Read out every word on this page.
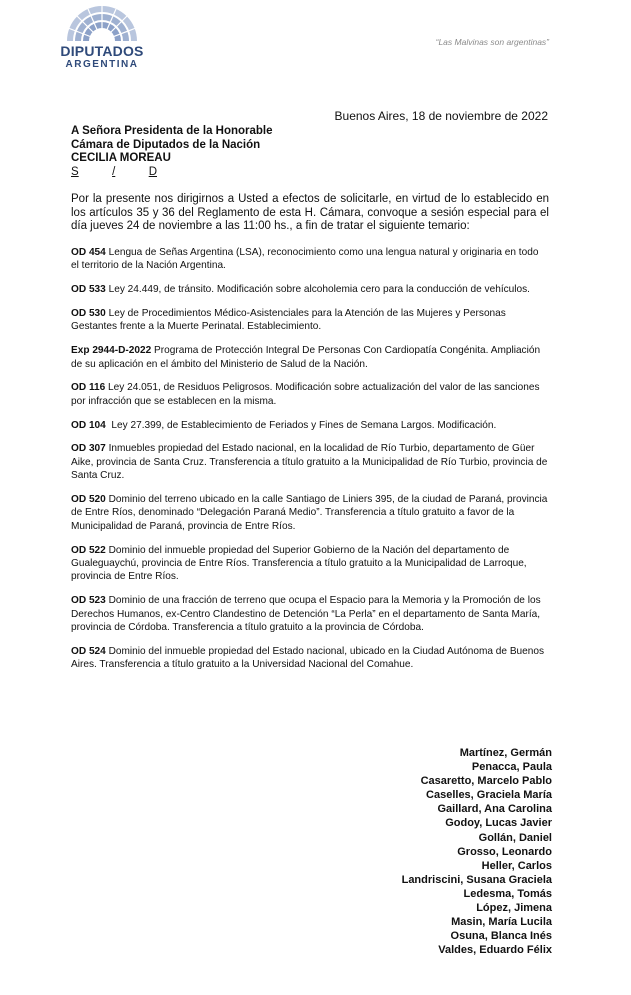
DIPUTADOS
ARGENTINA
“Las Malvinas son argentinas”
Buenos Aires, 18 de noviembre de 2022
A Señora Presidenta de la Honorable
Cámara de Diputados de la Nación
CECILIA MOREAU
S	/	D
Por la presente nos dirigirnos a Usted a efectos de solicitarle, en virtud de lo establecido en los artículos 35 y 36 del Reglamento de esta H. Cámara, convoque a sesión especial para el día jueves 24 de noviembre a las 11:00 hs., a fin de tratar el siguiente temario:
OD 454 Lengua de Señas Argentina (LSA), reconocimiento como una lengua natural y originaria en todo el territorio de la Nación Argentina.
OD 533 Ley 24.449, de tránsito. Modificación sobre alcoholemia cero para la conducción de vehículos.
OD 530 Ley de Procedimientos Médico-Asistenciales para la Atención de las Mujeres y Personas Gestantes frente a la Muerte Perinatal. Establecimiento.
Exp 2944-D-2022 Programa de Protección Integral De Personas Con Cardiopatía Congénita. Ampliación de su aplicación en el ámbito del Ministerio de Salud de la Nación.
OD 116 Ley 24.051, de Residuos Peligrosos. Modificación sobre actualización del valor de las sanciones por infracción que se establecen en la misma.
OD 104  Ley 27.399, de Establecimiento de Feriados y Fines de Semana Largos. Modificación.
OD 307 Inmuebles propiedad del Estado nacional, en la localidad de Río Turbio, departamento de Güer Aike, provincia de Santa Cruz. Transferencia a título gratuito a la Municipalidad de Río Turbio, provincia de Santa Cruz.
OD 520 Dominio del terreno ubicado en la calle Santiago de Liniers 395, de la ciudad de Paraná, provincia de Entre Ríos, denominado “Delegación Paraná Medio”. Transferencia a título gratuito a favor de la Municipalidad de Paraná, provincia de Entre Ríos.
OD 522 Dominio del inmueble propiedad del Superior Gobierno de la Nación del departamento de Gualeguaychú, provincia de Entre Ríos. Transferencia a título gratuito a la Municipalidad de Larroque, provincia de Entre Ríos.
OD 523 Dominio de una fracción de terreno que ocupa el Espacio para la Memoria y la Promoción de los Derechos Humanos, ex-Centro Clandestino de Detención “La Perla” en el departamento de Santa María, provincia de Córdoba. Transferencia a título gratuito a la provincia de Córdoba.
OD 524 Dominio del inmueble propiedad del Estado nacional, ubicado en la Ciudad Autónoma de Buenos Aires. Transferencia a título gratuito a la Universidad Nacional del Comahue.
Martínez, Germán
Penacca, Paula
Casaretto, Marcelo Pablo
Caselles, Graciela María
Gaillard, Ana Carolina
Godoy, Lucas Javier
Gollán, Daniel
Grosso, Leonardo
Heller, Carlos
Landriscini, Susana Graciela
Ledesma, Tomás
López, Jimena
Masin, María Lucila
Osuna, Blanca Inés
Valdes, Eduardo Félix
